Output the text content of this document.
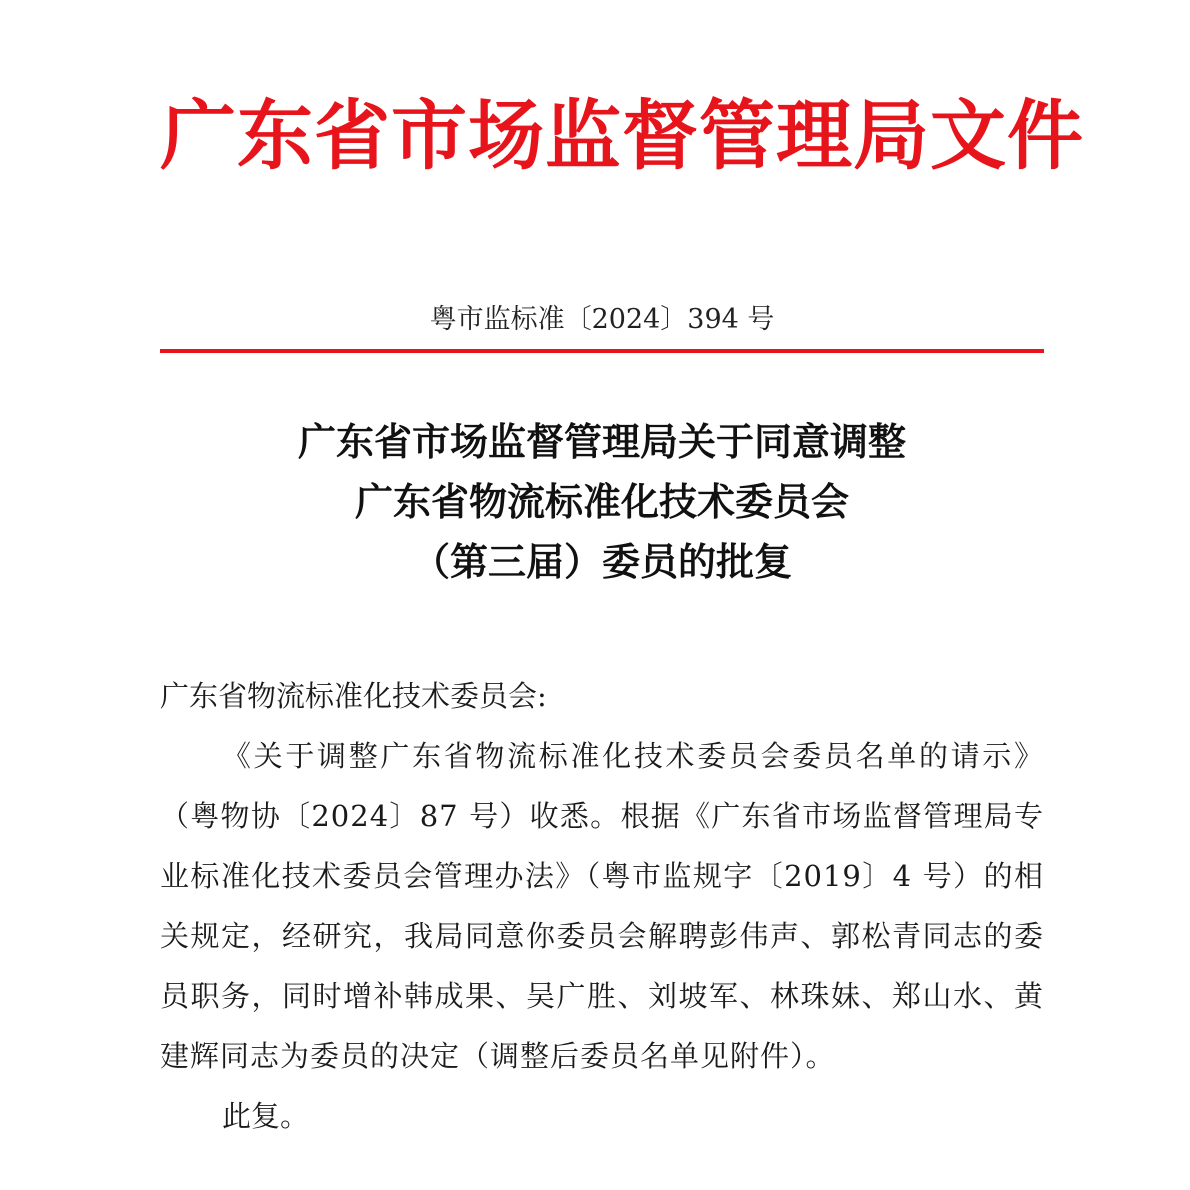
广东省市场监督管理局文件
粤市监标准〔2024〕394 号
广东省市场监督管理局关于同意调整
广东省物流标准化技术委员会
（第三届）委员的批复
广东省物流标准化技术委员会:
《关于调整广东省物流标准化技术委员会委员名单的请示》（粤物协〔2024〕87 号）收悉。根据《广东省市场监督管理局专业标准化技术委员会管理办法》（粤市监规字〔2019〕4 号）的相关规定，经研究，我局同意你委员会解聘彭伟声、郭松青同志的委员职务，同时增补韩成果、吴广胜、刘坡军、林珠妹、郑山水、黄建辉同志为委员的决定（调整后委员名单见附件）。
此复。
